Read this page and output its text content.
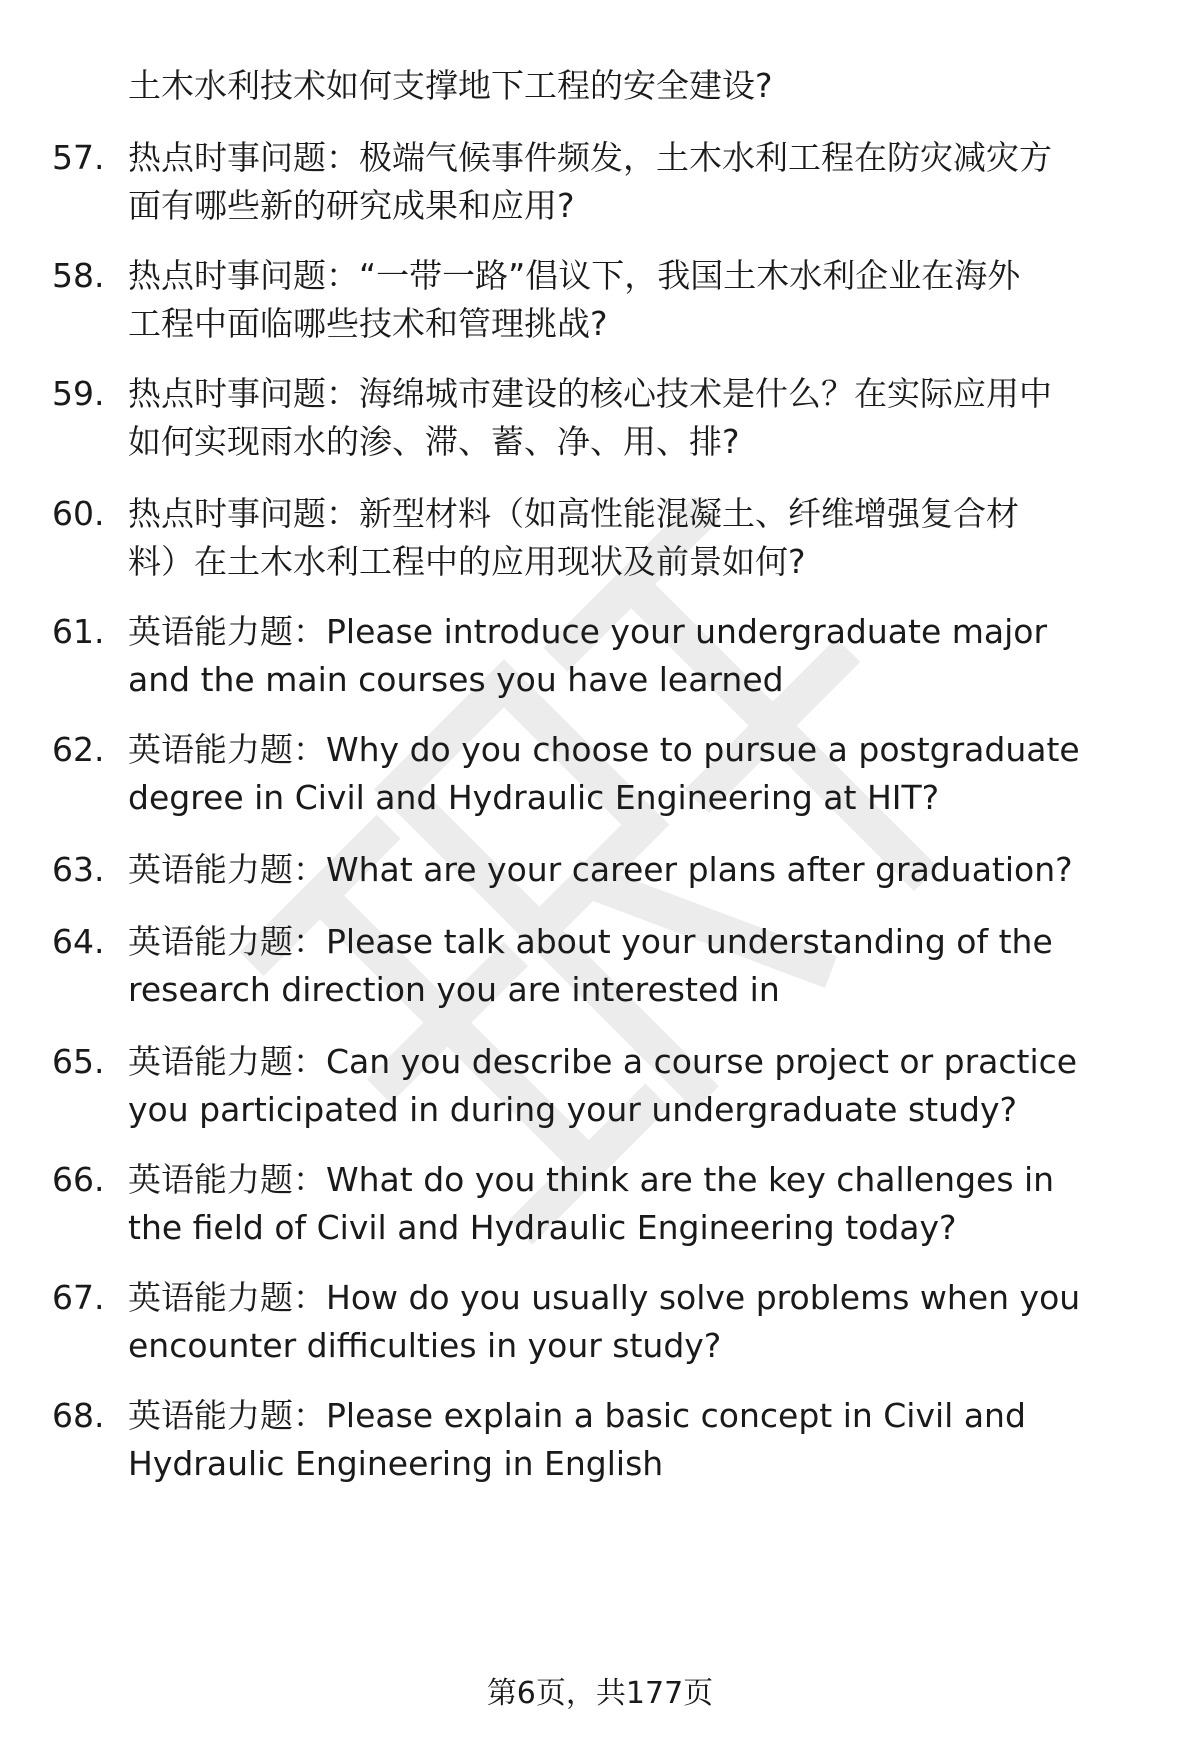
土木水利技术如何支撑地下工程的安全建设?
57. 热点时事问题：极端气候事件频发，土木水利工程在防灾减灾方
面有哪些新的研究成果和应用?
58. 热点时事问题：“一带一路”倡议下，我国土木水利企业在海外
工程中面临哪些技术和管理挑战?
59. 热点时事问题：海绵城市建设的核心技术是什么？在实际应用中
如何实现雨水的渗、滞、蓄、净、用、排?
60. 热点时事问题：新型材料（如高性能混凝土、纤维增强复合材
料）在土木水利工程中的应用现状及前景如何?
61. 英语能力题：Please introduce your undergraduate major
and the main courses you have learned
62. 英语能力题：Why do you choose to pursue a postgraduate
degree in Civil and Hydraulic Engineering at HIT?
63. 英语能力题：What are your career plans after graduation?
64. 英语能力题：Please talk about your understanding of the
research direction you are interested in
65. 英语能力题：Can you describe a course project or practice
you participated in during your undergraduate study?
66. 英语能力题：What do you think are the key challenges in
the field of Civil and Hydraulic Engineering today?
67. 英语能力题：How do you usually solve problems when you
encounter difficulties in your study?
68. 英语能力题：Please explain a basic concept in Civil and
Hydraulic Engineering in English
第6页，共177页
